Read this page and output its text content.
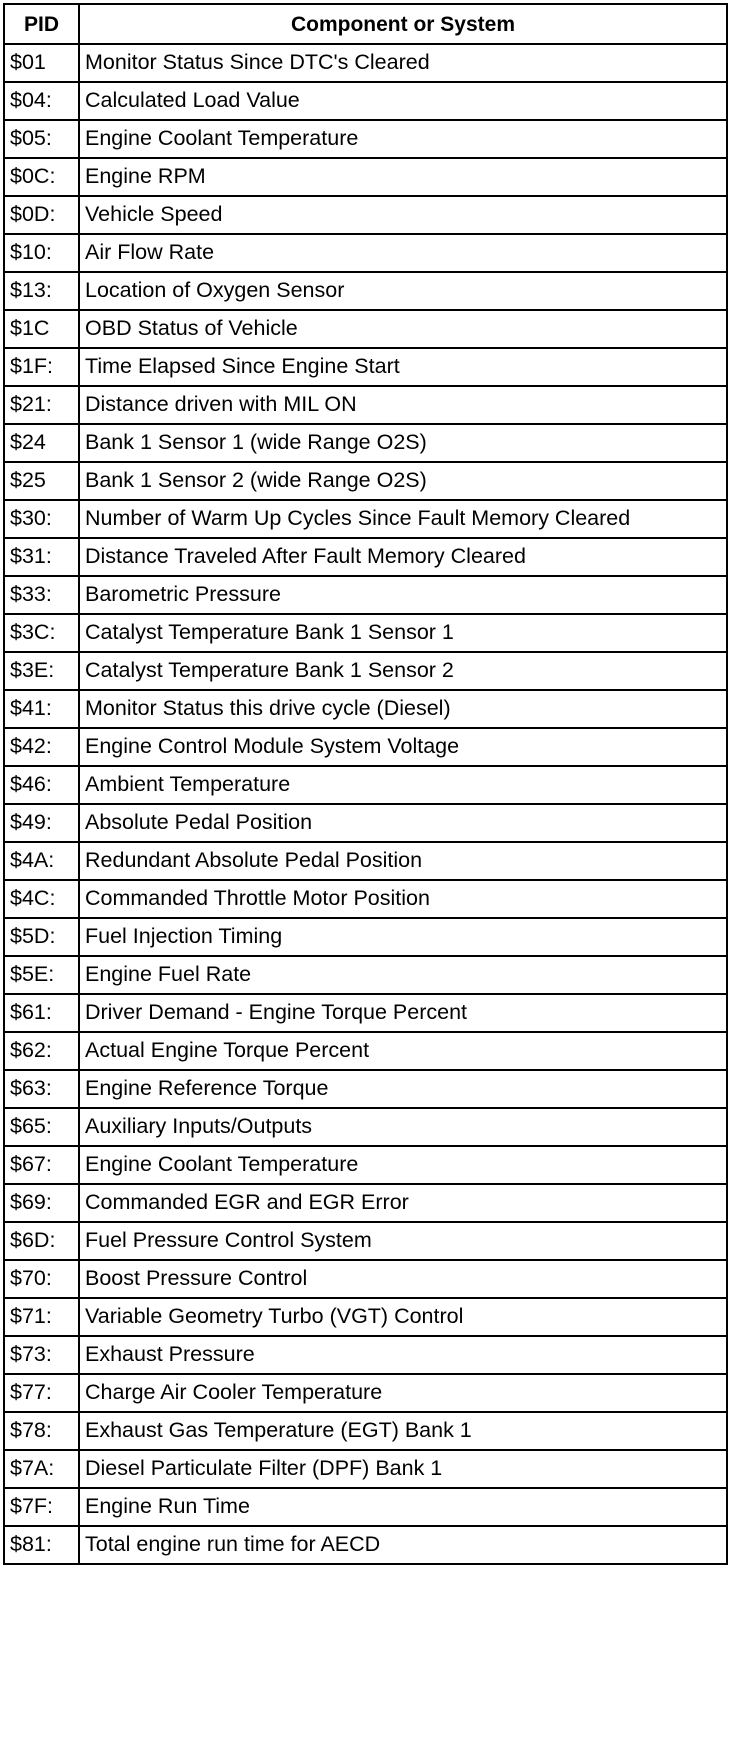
PID	Component or System
$01	Monitor Status Since DTC's Cleared
$04:	Calculated Load Value
$05:	Engine Coolant Temperature
$0C:	Engine RPM
$0D:	Vehicle Speed
$10:	Air Flow Rate
$13:	Location of Oxygen Sensor
$1C	OBD Status of Vehicle
$1F:	Time Elapsed Since Engine Start
$21:	Distance driven with MIL ON
$24	Bank 1 Sensor 1 (wide Range O2S)
$25	Bank 1 Sensor 2 (wide Range O2S)
$30:	Number of Warm Up Cycles Since Fault Memory Cleared
$31:	Distance Traveled After Fault Memory Cleared
$33:	Barometric Pressure
$3C:	Catalyst Temperature Bank 1 Sensor 1
$3E:	Catalyst Temperature Bank 1 Sensor 2
$41:	Monitor Status this drive cycle (Diesel)
$42:	Engine Control Module System Voltage
$46:	Ambient Temperature
$49:	Absolute Pedal Position
$4A:	Redundant Absolute Pedal Position
$4C:	Commanded Throttle Motor Position
$5D:	Fuel Injection Timing
$5E:	Engine Fuel Rate
$61:	Driver Demand - Engine Torque Percent
$62:	Actual Engine Torque Percent
$63:	Engine Reference Torque
$65:	Auxiliary Inputs/Outputs
$67:	Engine Coolant Temperature
$69:	Commanded EGR and EGR Error
$6D:	Fuel Pressure Control System
$70:	Boost Pressure Control
$71:	Variable Geometry Turbo (VGT) Control
$73:	Exhaust Pressure
$77:	Charge Air Cooler Temperature
$78:	Exhaust Gas Temperature (EGT) Bank 1
$7A:	Diesel Particulate Filter (DPF) Bank 1
$7F:	Engine Run Time
$81:	Total engine run time for AECD
